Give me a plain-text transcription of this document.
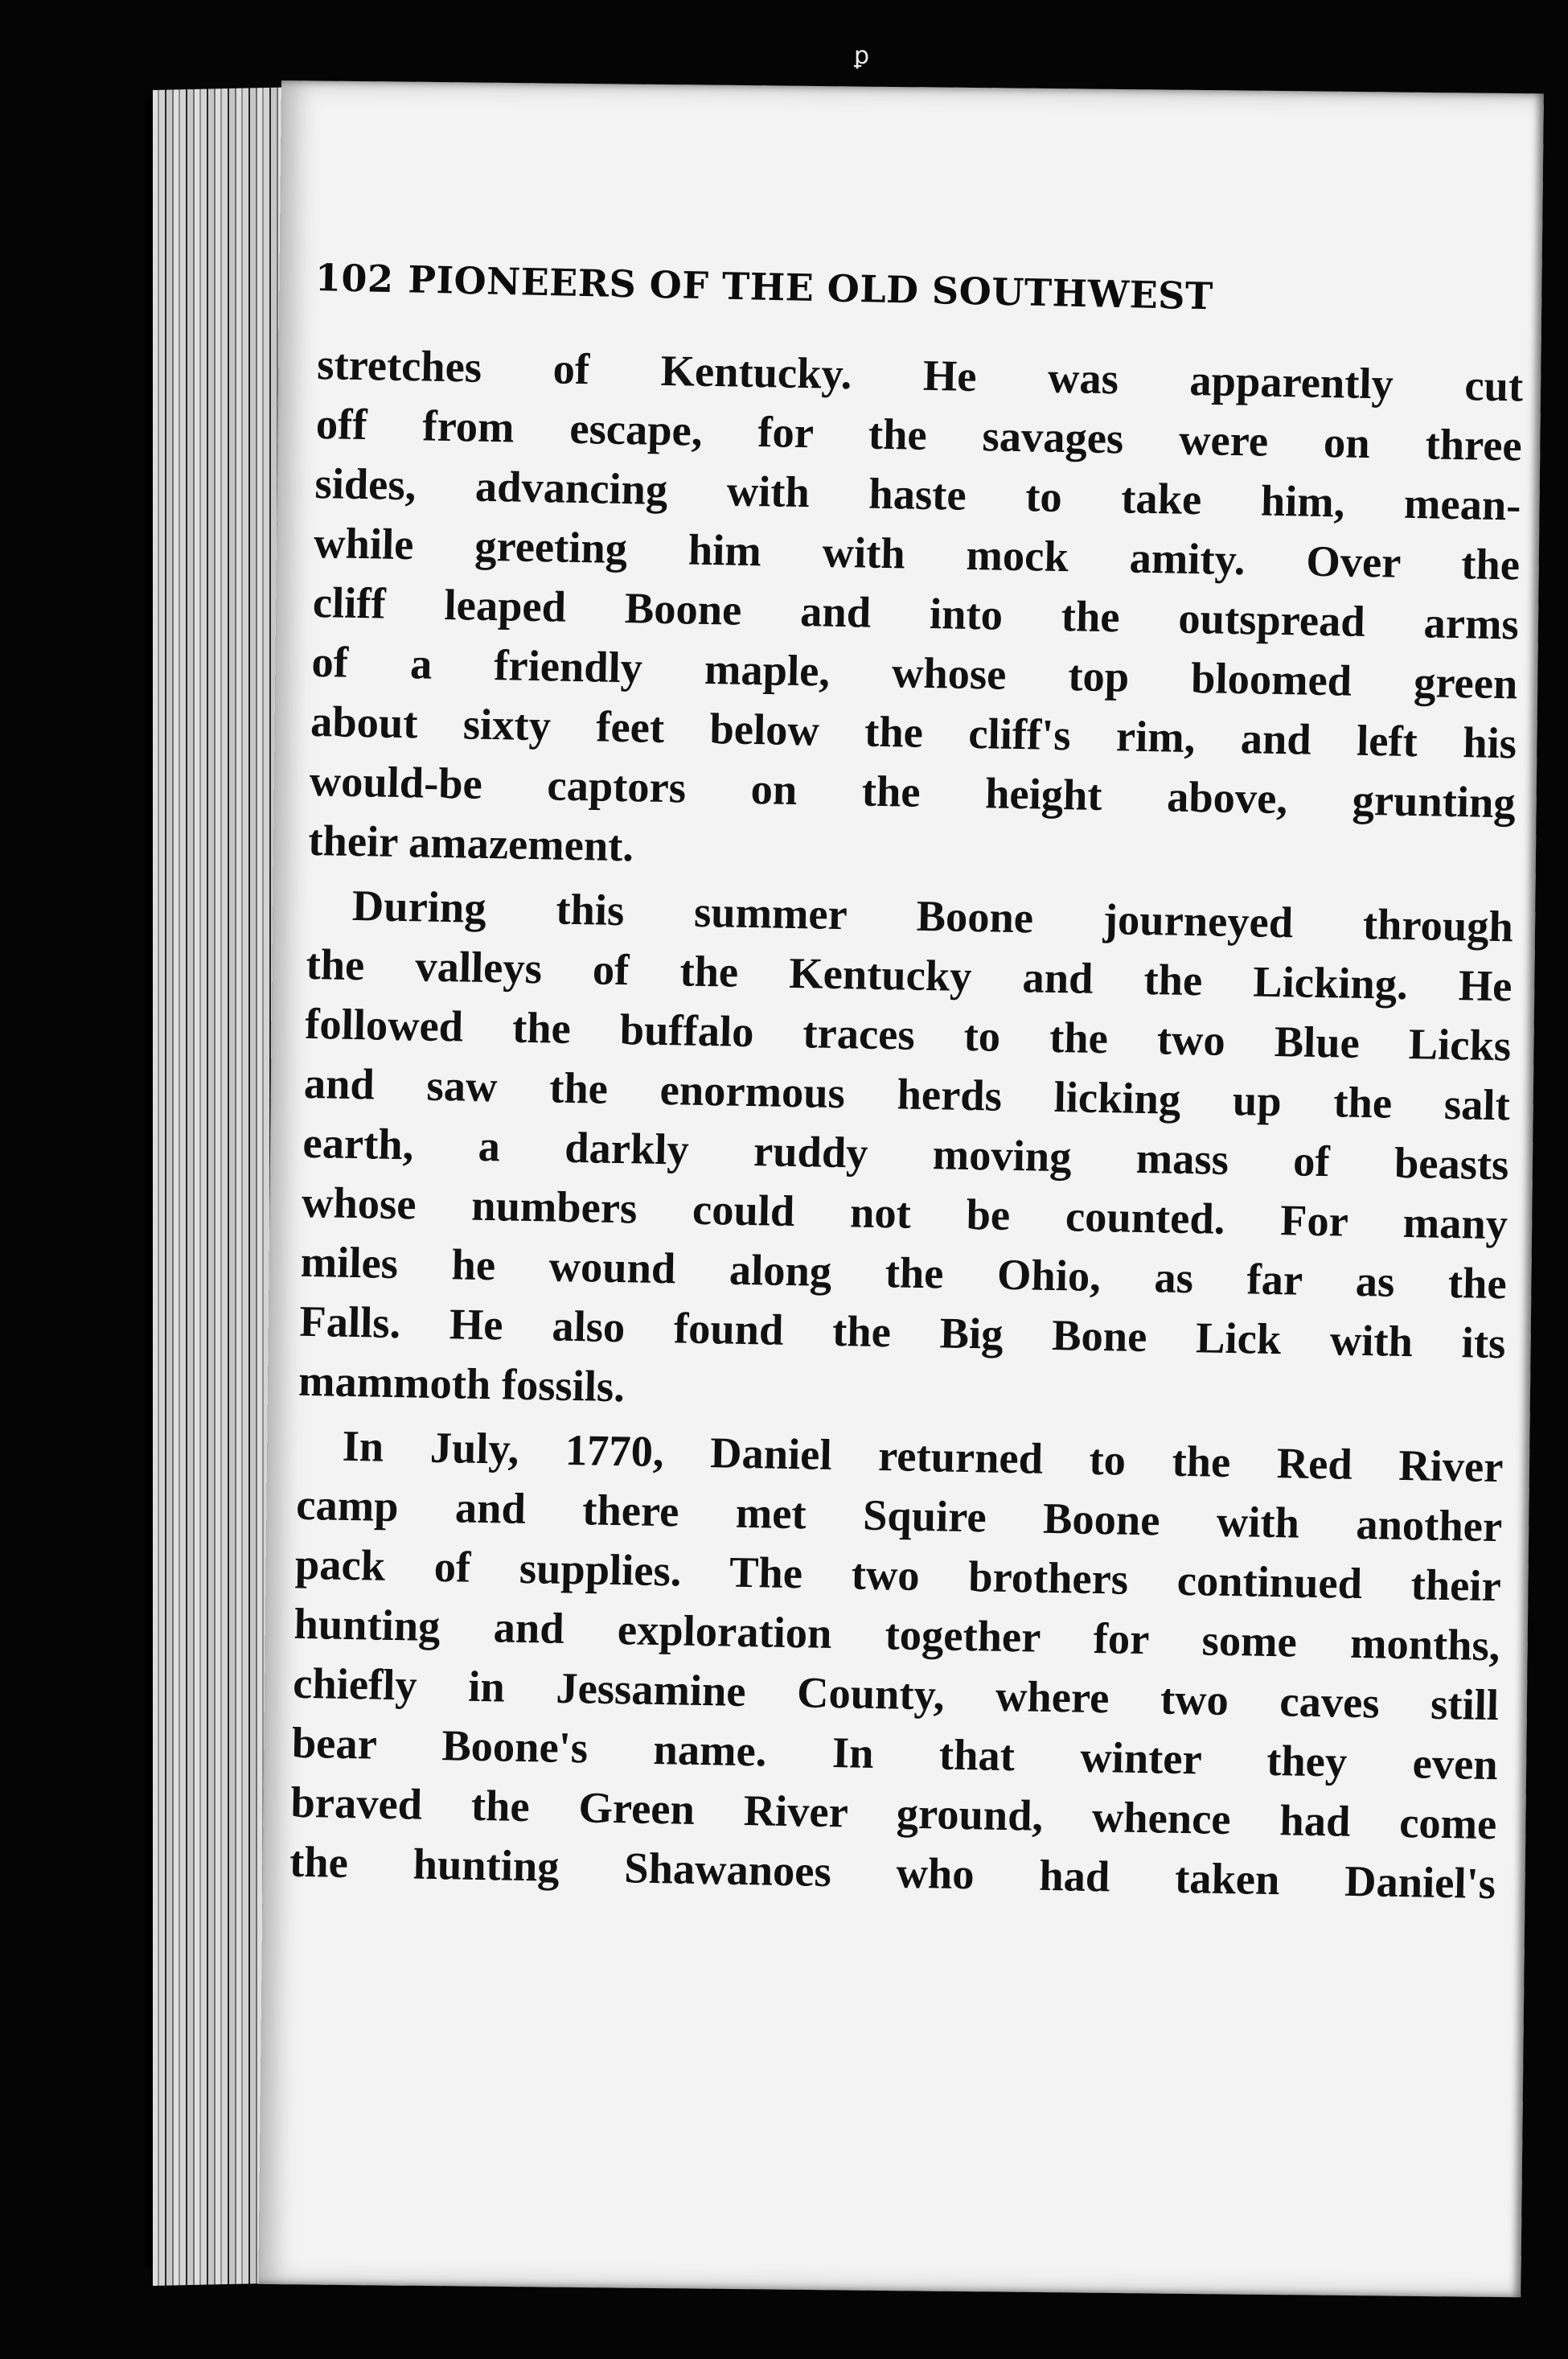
ꝑ
102 PIONEERS OF THE OLD SOUTHWEST
stretches of Kentucky. He was apparently cut
off from escape, for the savages were on three
sides, advancing with haste to take him, mean-
while greeting him with mock amity. Over the
cliff leaped Boone and into the outspread arms
of a friendly maple, whose top bloomed green
about sixty feet below the cliff's rim, and left his
would-be captors on the height above, grunting
their amazement.
During this summer Boone journeyed through
the valleys of the Kentucky and the Licking. He
followed the buffalo traces to the two Blue Licks
and saw the enormous herds licking up the salt
earth, a darkly ruddy moving mass of beasts
whose numbers could not be counted. For many
miles he wound along the Ohio, as far as the
Falls. He also found the Big Bone Lick with its
mammoth fossils.
In July, 1770, Daniel returned to the Red River
camp and there met Squire Boone with another
pack of supplies. The two brothers continued their
hunting and exploration together for some months,
chiefly in Jessamine County, where two caves still
bear Boone's name. In that winter they even
braved the Green River ground, whence had come
the hunting Shawanoes who had taken Daniel's
